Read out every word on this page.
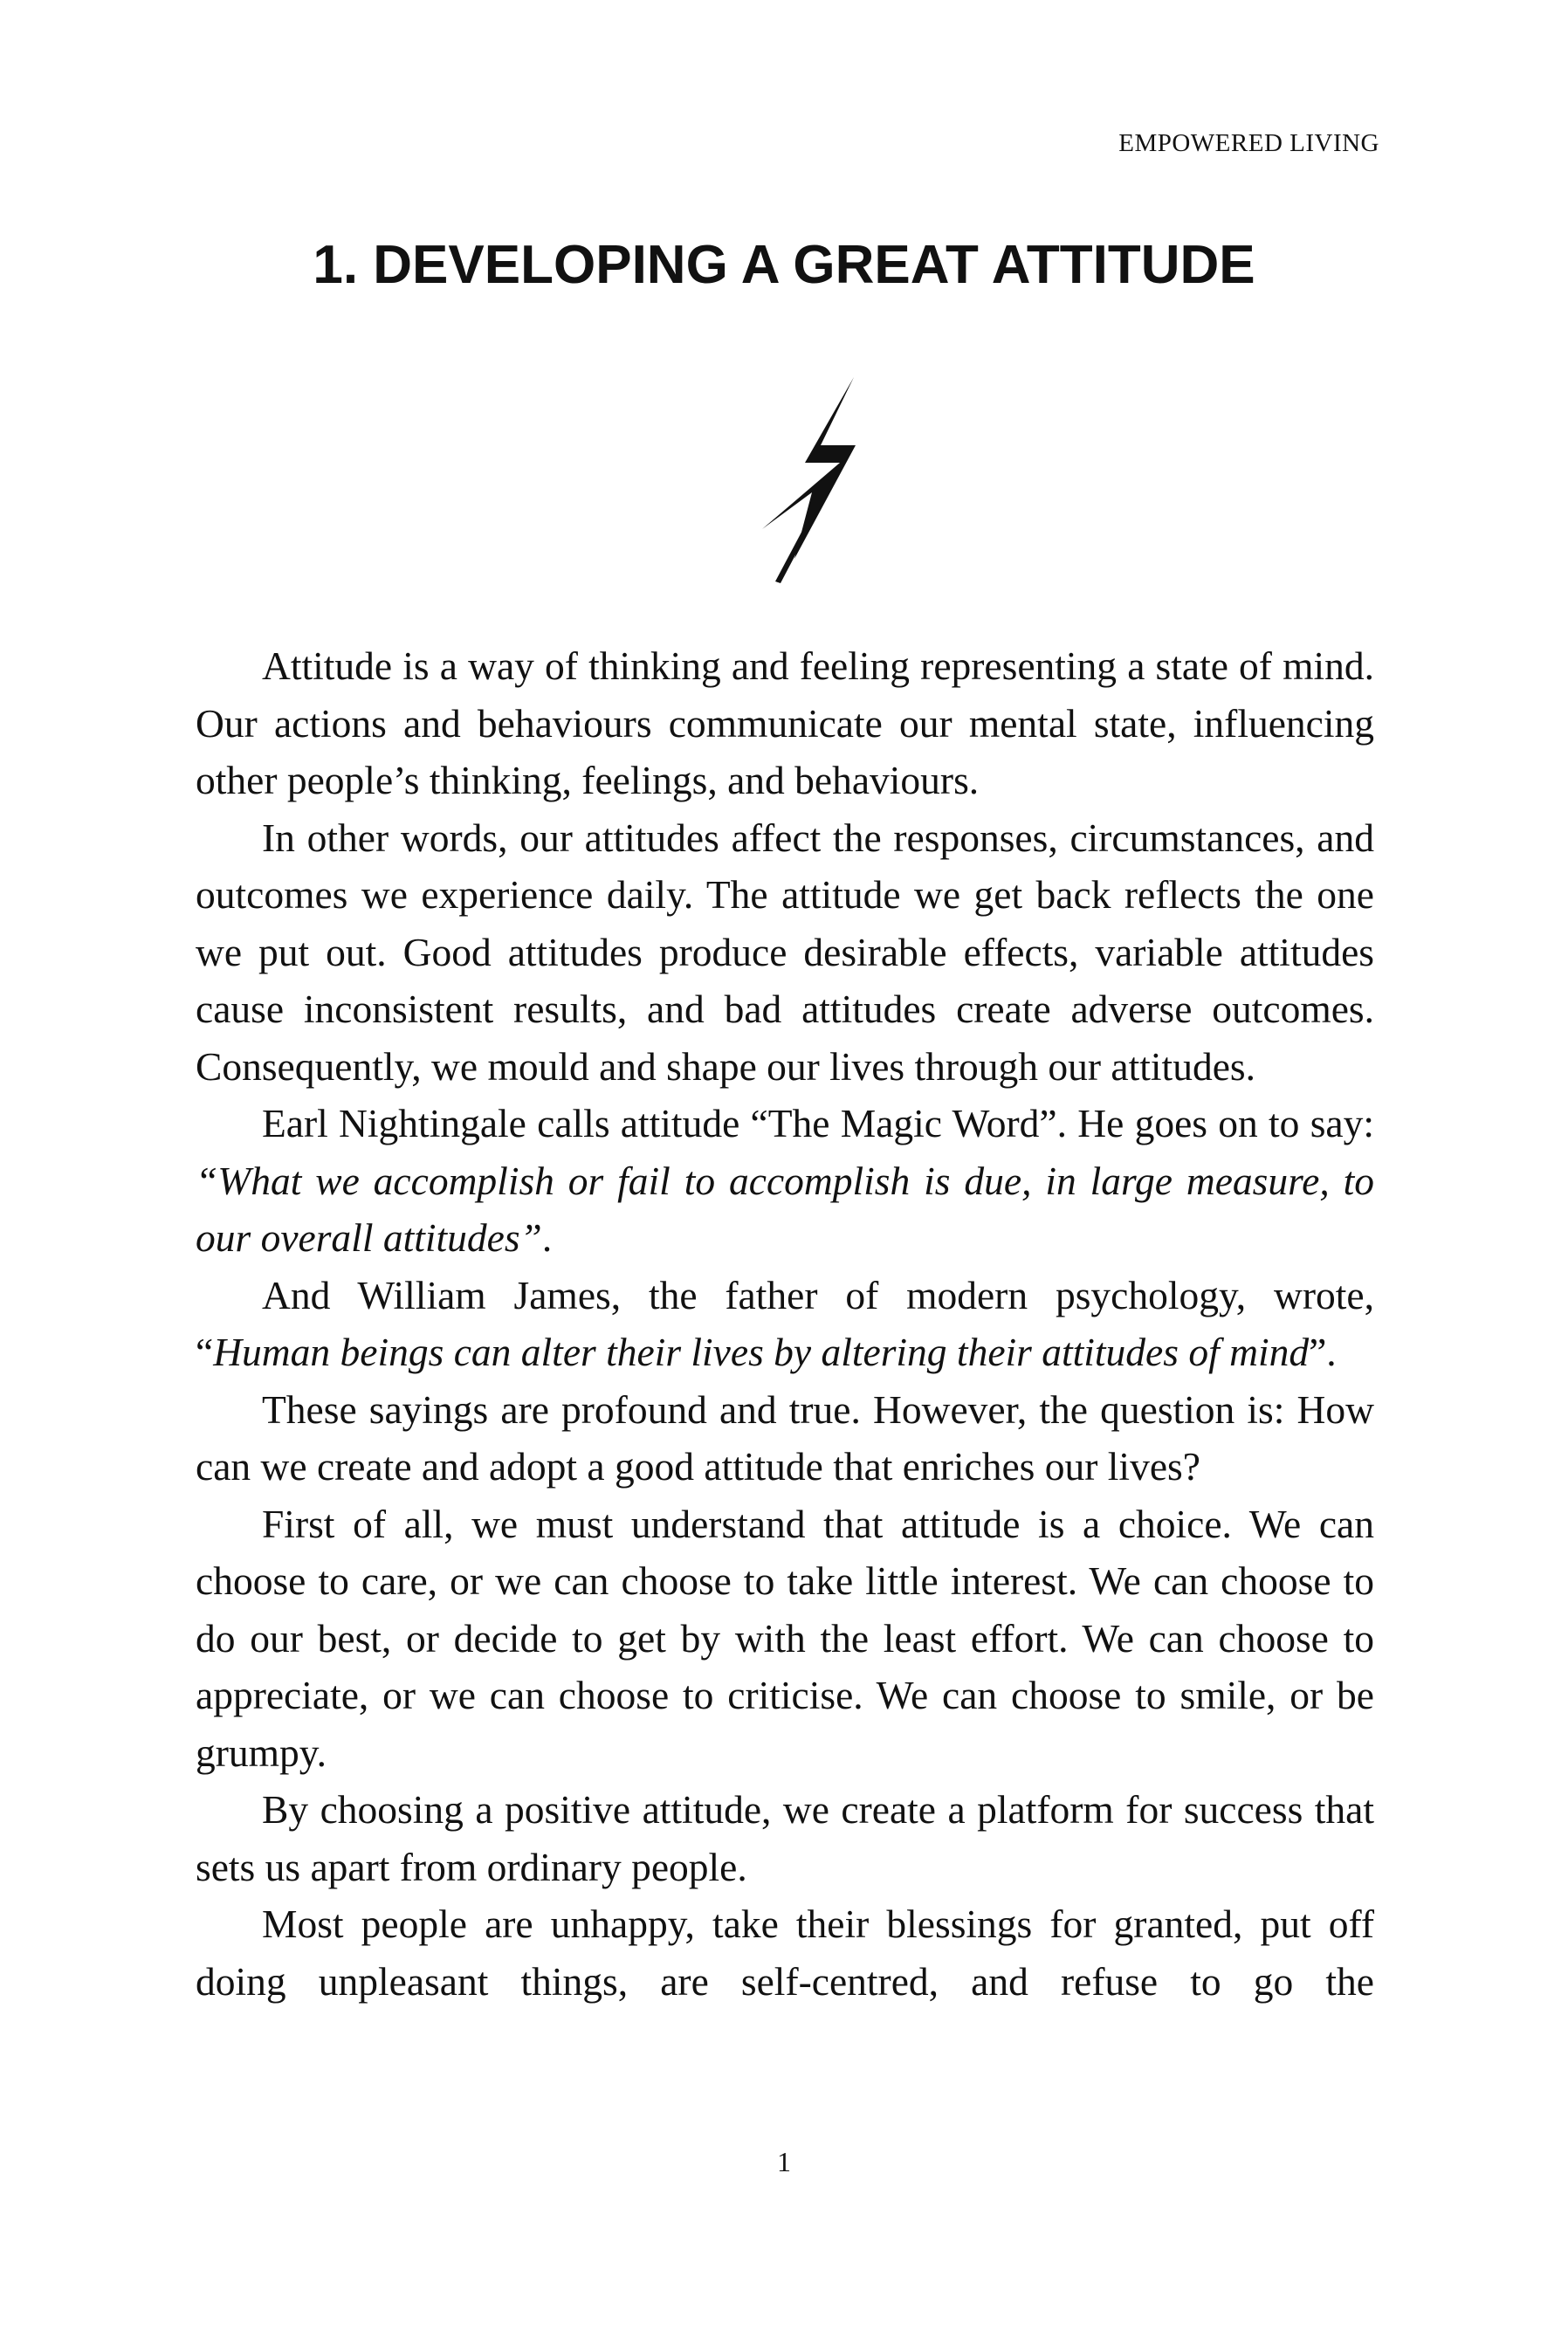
EMPOWERED LIVING
1. DEVELOPING A GREAT ATTITUDE

Attitude is a way of thinking and feeling representing a state of mind. Our actions and behaviours communicate our mental state, influencing other people’s thinking, feelings, and behaviours.

In other words, our attitudes affect the responses, circumstances, and outcomes we experience daily. The attitude we get back reflects the one we put out. Good attitudes produce desirable effects, variable attitudes cause inconsistent results, and bad attitudes create adverse outcomes. Consequently, we mould and shape our lives through our attitudes.

Earl Nightingale calls attitude “The Magic Word”. He goes on to say: “What we accomplish or fail to accomplish is due, in large measure, to our overall attitudes”.

And William James, the father of modern psychology, wrote, “Human beings can alter their lives by altering their attitudes of mind”.

These sayings are profound and true. However, the question is: How can we create and adopt a good attitude that enriches our lives?

First of all, we must understand that attitude is a choice. We can choose to care, or we can choose to take little interest. We can choose to do our best, or decide to get by with the least effort. We can choose to appreciate, or we can choose to criticise. We can choose to smile, or be grumpy.

By choosing a positive attitude, we create a platform for success that sets us apart from ordinary people.

Most people are unhappy, take their blessings for granted, put off doing unpleasant things, are self-centred, and refuse to go the

1
